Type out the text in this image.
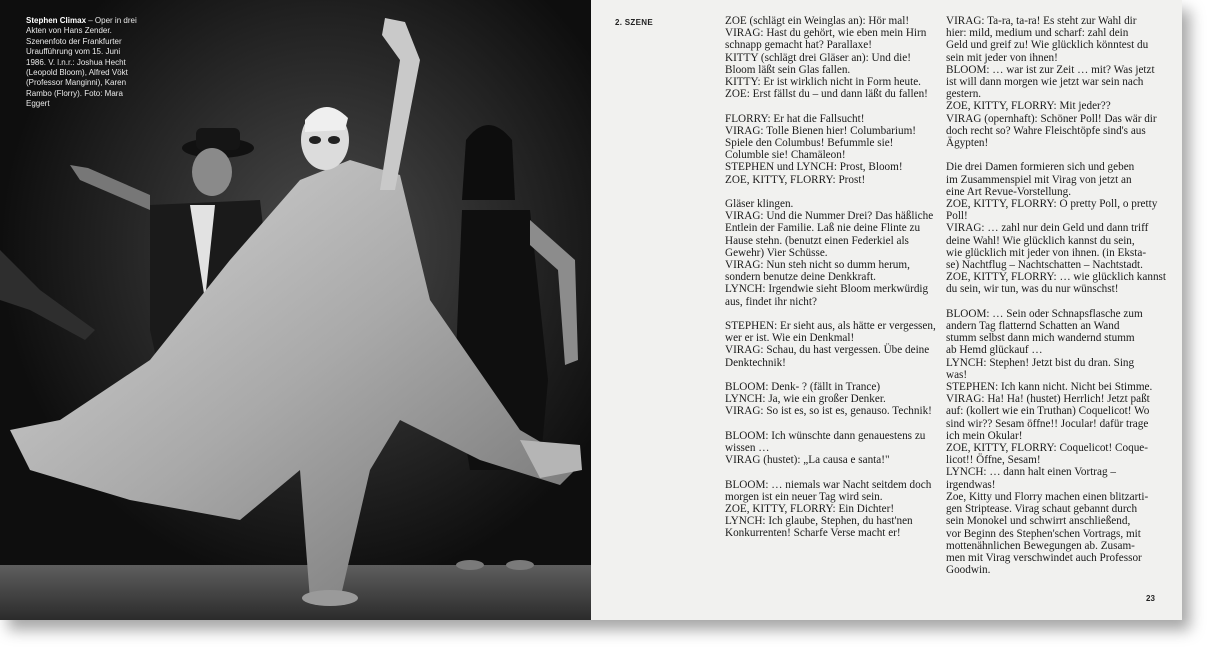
Stephen Climax – Oper in drei Akten von Hans Zender. Szenenfoto der Frankfurter Uraufführung vom 15. Juni 1986. V. l.n.r.: Joshua Hecht (Leopold Bloom), Alfred Vökt (Professor Manginni), Karen Rambo (Florry). Foto: Mara Eggert
2. SZENE	ZOE (schlägt ein Weinglas an): Hör mal!
VIRAG: Hast du gehört, wie eben mein Hirn
schnapp gemacht hat? Parallaxe!
KITTY (schlägt drei Gläser an): Und die!
Bloom läßt sein Glas fallen.
KITTY: Er ist wirklich nicht in Form heute.
ZOE: Erst fällst du – und dann läßt du fallen!

FLORRY: Er hat die Fallsucht!
VIRAG: Tolle Bienen hier! Columbarium!
Spiele den Columbus! Befummle sie!
Columble sie! Chamäleon!
STEPHEN und LYNCH: Prost, Bloom!
ZOE, KITTY, FLORRY: Prost!

Gläser klingen.
VIRAG: Und die Nummer Drei? Das häßliche
Entlein der Familie. Laß nie deine Flinte zu
Hause stehn. (benutzt einen Federkiel als
Gewehr) Vier Schüsse.
VIRAG: Nun steh nicht so dumm herum,
sondern benutze deine Denkkraft.
LYNCH: Irgendwie sieht Bloom merkwürdig
aus, findet ihr nicht?

STEPHEN: Er sieht aus, als hätte er vergessen,
wer er ist. Wie ein Denkmal!
VIRAG: Schau, du hast vergessen. Übe deine
Denktechnik!

BLOOM: Denk- ? (fällt in Trance)
LYNCH: Ja, wie ein großer Denker.
VIRAG: So ist es, so ist es, genauso. Technik!

BLOOM: Ich wünschte dann genauestens zu
wissen …
VIRAG (hustet): „La causa e santa!"

BLOOM: … niemals war Nacht seitdem doch
morgen ist ein neuer Tag wird sein.
ZOE, KITTY, FLORRY: Ein Dichter!
LYNCH: Ich glaube, Stephen, du hast'nen
Konkurrenten! Scharfe Verse macht er!

VIRAG: Ta-ra, ta-ra! Es steht zur Wahl dir
hier: mild, medium und scharf: zahl dein
Geld und greif zu! Wie glücklich könntest du
sein mit jeder von ihnen!
BLOOM: … war ist zur Zeit … mit? Was jetzt
ist will dann morgen wie jetzt war sein nach
gestern.
ZOE, KITTY, FLORRY: Mit jeder??
VIRAG (opernhaft): Schöner Poll! Das wär dir
doch recht so? Wahre Fleischtöpfe sind's aus
Ägypten!

Die drei Damen formieren sich und geben
im Zusammenspiel mit Virag von jetzt an
eine Art Revue-Vorstellung.
ZOE, KITTY, FLORRY: O pretty Poll, o pretty
Poll!
VIRAG: … zahl nur dein Geld und dann triff
deine Wahl! Wie glücklich kannst du sein,
wie glücklich mit jeder von ihnen. (in Eksta-
se) Nachtflug – Nachtschatten – Nachtstadt.
ZOE, KITTY, FLORRY: … wie glücklich kannst
du sein, wir tun, was du nur wünschst!

BLOOM: … Sein oder Schnapsflasche zum
andern Tag flatternd Schatten an Wand
stumm selbst dann mich wandernd stumm
ab Hemd glückauf …
LYNCH: Stephen! Jetzt bist du dran. Sing
was!
STEPHEN: Ich kann nicht. Nicht bei Stimme.
VIRAG: Ha! Ha! (hustet) Herrlich! Jetzt paßt
auf: (kollert wie ein Truthan) Coquelicot! Wo
sind wir?? Sesam öffne!! Jocular! dafür trage
ich mein Okular!
ZOE, KITTY, FLORRY: Coquelicot! Coque-
licot!! Öffne, Sesam!
LYNCH: … dann halt einen Vortrag –
irgendwas!
Zoe, Kitty und Florry machen einen blitzarti-
gen Striptease. Virag schaut gebannt durch
sein Monokel und schwirrt anschließend,
vor Beginn des Stephen'schen Vortrags, mit
mottenähnlichen Bewegungen ab. Zusam-
men mit Virag verschwindet auch Professor
Goodwin.

23
